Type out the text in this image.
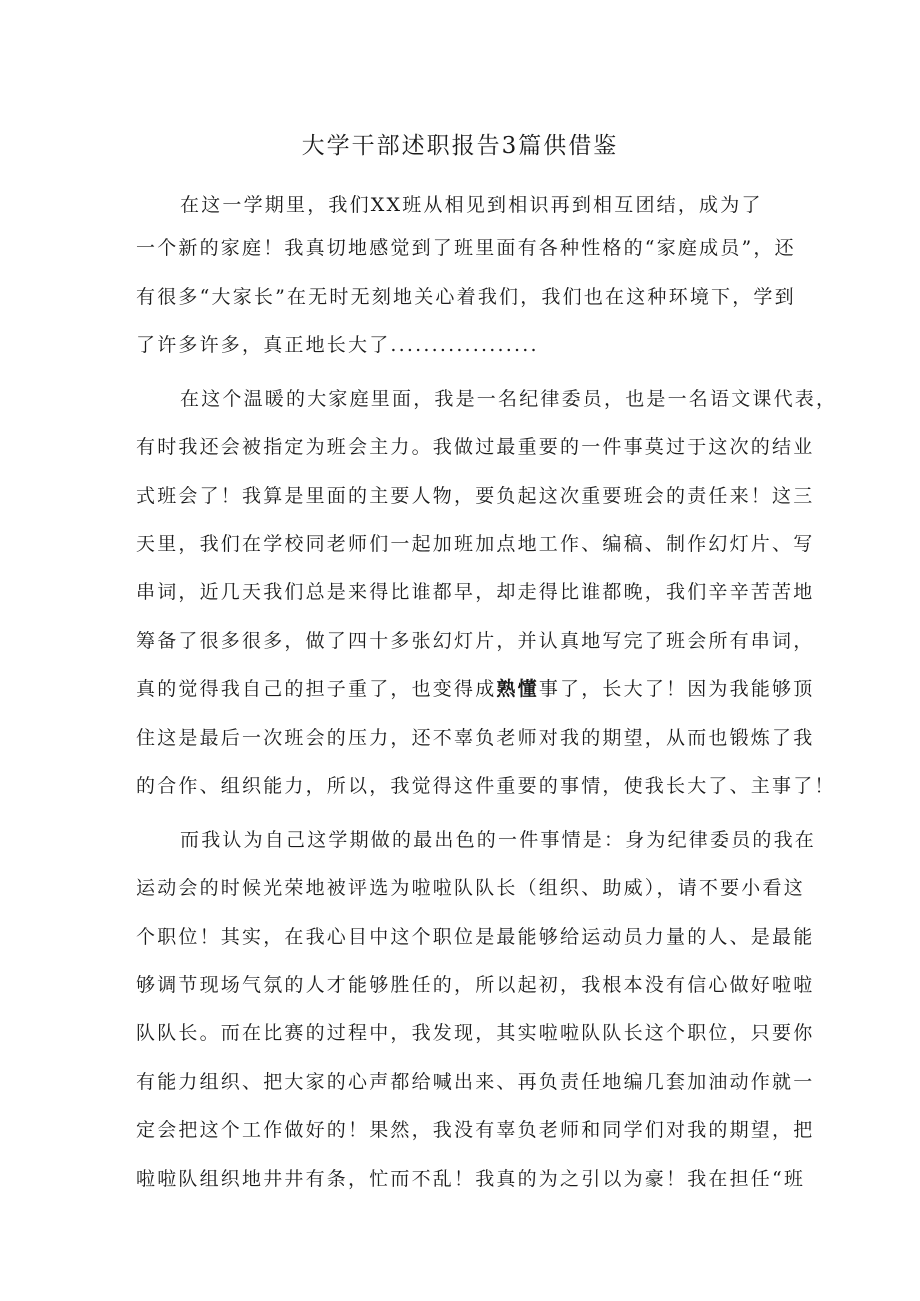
大学干部述职报告3篇供借鉴
在这一学期里，我们XX班从相见到相识再到相互团结，成为了
一个新的家庭！我真切地感觉到了班里面有各种性格的“家庭成员”，还
有很多“大家长”在无时无刻地关心着我们，我们也在这种环境下，学到
了许多许多，真正地长大了..................
在这个温暖的大家庭里面，我是一名纪律委员，也是一名语文课代表，
有时我还会被指定为班会主力。我做过最重要的一件事莫过于这次的结业
式班会了！我算是里面的主要人物，要负起这次重要班会的责任来！这三
天里，我们在学校同老师们一起加班加点地工作、编稿、制作幻灯片、写
串词，近几天我们总是来得比谁都早，却走得比谁都晚，我们辛辛苦苦地
筹备了很多很多，做了四十多张幻灯片，并认真地写完了班会所有串词，
真的觉得我自己的担子重了，也变得成熟懂事了，长大了！因为我能够顶
住这是最后一次班会的压力，还不辜负老师对我的期望，从而也锻炼了我
的合作、组织能力，所以，我觉得这件重要的事情，使我长大了、主事了！
而我认为自己这学期做的最出色的一件事情是：身为纪律委员的我在
运动会的时候光荣地被评选为啦啦队队长（组织、助威），请不要小看这
个职位！其实，在我心目中这个职位是最能够给运动员力量的人、是最能
够调节现场气氛的人才能够胜任的，所以起初，我根本没有信心做好啦啦
队队长。而在比赛的过程中，我发现，其实啦啦队队长这个职位，只要你
有能力组织、把大家的心声都给喊出来、再负责任地编几套加油动作就一
定会把这个工作做好的！果然，我没有辜负老师和同学们对我的期望，把
啦啦队组织地井井有条，忙而不乱！我真的为之引以为豪！我在担任“班
